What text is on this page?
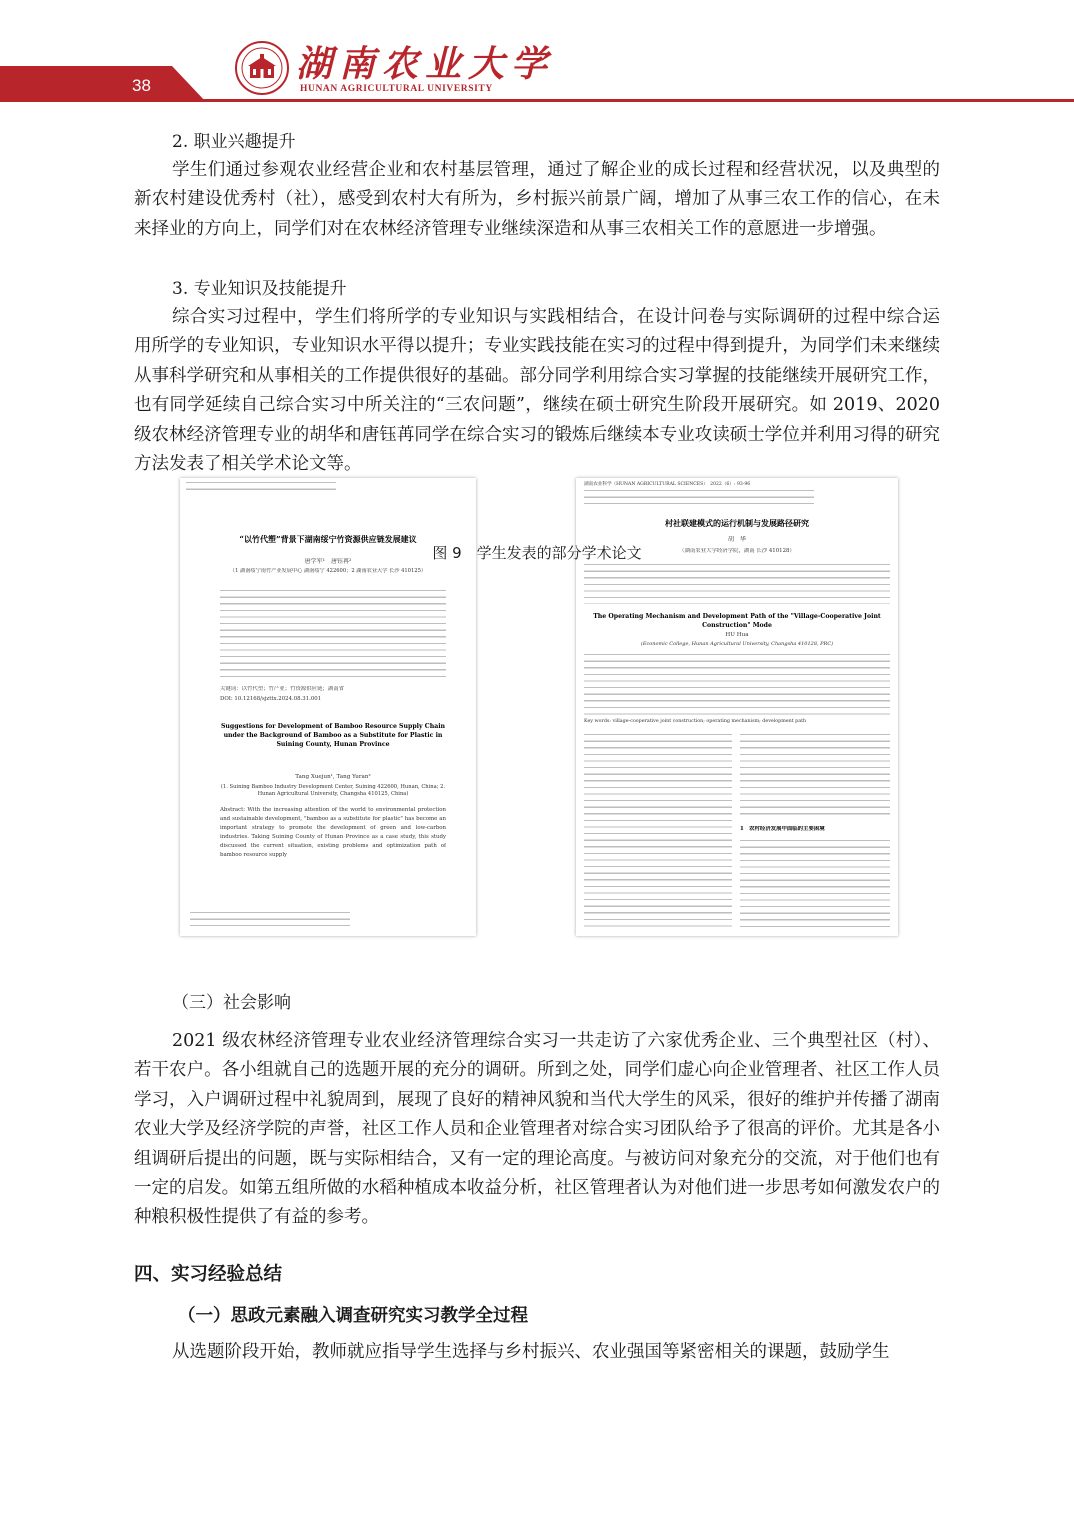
38
湖南农业大学
HUNAN AGRICULTURAL UNIVERSITY
2. 职业兴趣提升
学生们通过参观农业经营企业和农村基层管理，通过了解企业的成长过程和经营状况，以及典型的新农村建设优秀村（社），感受到农村大有所为，乡村振兴前景广阔，增加了从事三农工作的信心，在未来择业的方向上，同学们对在农林经济管理专业继续深造和从事三农相关工作的意愿进一步增强。
3. 专业知识及技能提升
综合实习过程中，学生们将所学的专业知识与实践相结合，在设计问卷与实际调研的过程中综合运用所学的专业知识，专业知识水平得以提升；专业实践技能在实习的过程中得到提升，为同学们未来继续从事科学研究和从事相关的工作提供很好的基础。部分同学利用综合实习掌握的技能继续开展研究工作，也有同学延续自己综合实习中所关注的“三农问题”，继续在硕士研究生阶段开展研究。如 2019、2020 级农林经济管理专业的胡华和唐钰苒同学在综合实习的锻炼后继续本专业攻读硕士学位并利用习得的研究方法发表了相关学术论文等。
“以竹代塑”背景下湖南绥宁竹资源供应链发展建议
唐学军¹　唐钰苒²
（1 湖南绥宁南竹产业发展中心 湖南绥宁 422600；2 湖南农业大学 长沙 410125）
关键词：以竹代塑；竹产业；竹资源供应链；湖南省
DOI: 10.12168/sjzttx.2024.08.31.001
Suggestions for Development of Bamboo Resource Supply Chain under the Background of Bamboo as a Substitute for Plastic in Suining County, Hunan Province
Tang Xuejun¹, Tang Yuran²
(1. Suining Bamboo Industry Development Center, Suining 422600, Hunan, China; 2. Hunan Agricultural University, Changsha 410125, China)
Abstract: With the increasing attention of the world to environmental protection and sustainable development, "bamboo as a substitute for plastic" has become an important strategy to promote the development of green and low-carbon industries. Taking Suining County of Hunan Province as a case study, this study discussed the current situation, existing problems and optimization path of bamboo resource supply
湖南农业科学（HUNAN AGRICULTURAL SCIENCES）　2022（6）: 93-96
村社联建模式的运行机制与发展路径研究
胡　华
（湖南农业大学经济学院，湖南 长沙 410128）
The Operating Mechanism and Development Path of the "Village-Cooperative Joint Construction" Mode
HU Hua
(Economic College, Hunan Agricultural University, Changsha 410128, PRC)
Key words: village-cooperative joint construction; operating mechanism; development path
1　农村经济发展中面临的主要困境
图 9　学生发表的部分学术论文
（三）社会影响
2021 级农林经济管理专业农业经济管理综合实习一共走访了六家优秀企业、三个典型社区（村）、若干农户。各小组就自己的选题开展的充分的调研。所到之处，同学们虚心向企业管理者、社区工作人员学习，入户调研过程中礼貌周到，展现了良好的精神风貌和当代大学生的风采，很好的维护并传播了湖南农业大学及经济学院的声誉，社区工作人员和企业管理者对综合实习团队给予了很高的评价。尤其是各小组调研后提出的问题，既与实际相结合，又有一定的理论高度。与被访问对象充分的交流，对于他们也有一定的启发。如第五组所做的水稻种植成本收益分析，社区管理者认为对他们进一步思考如何激发农户的种粮积极性提供了有益的参考。
四、实习经验总结
（一）思政元素融入调查研究实习教学全过程
从选题阶段开始，教师就应指导学生选择与乡村振兴、农业强国等紧密相关的课题，鼓励学生
